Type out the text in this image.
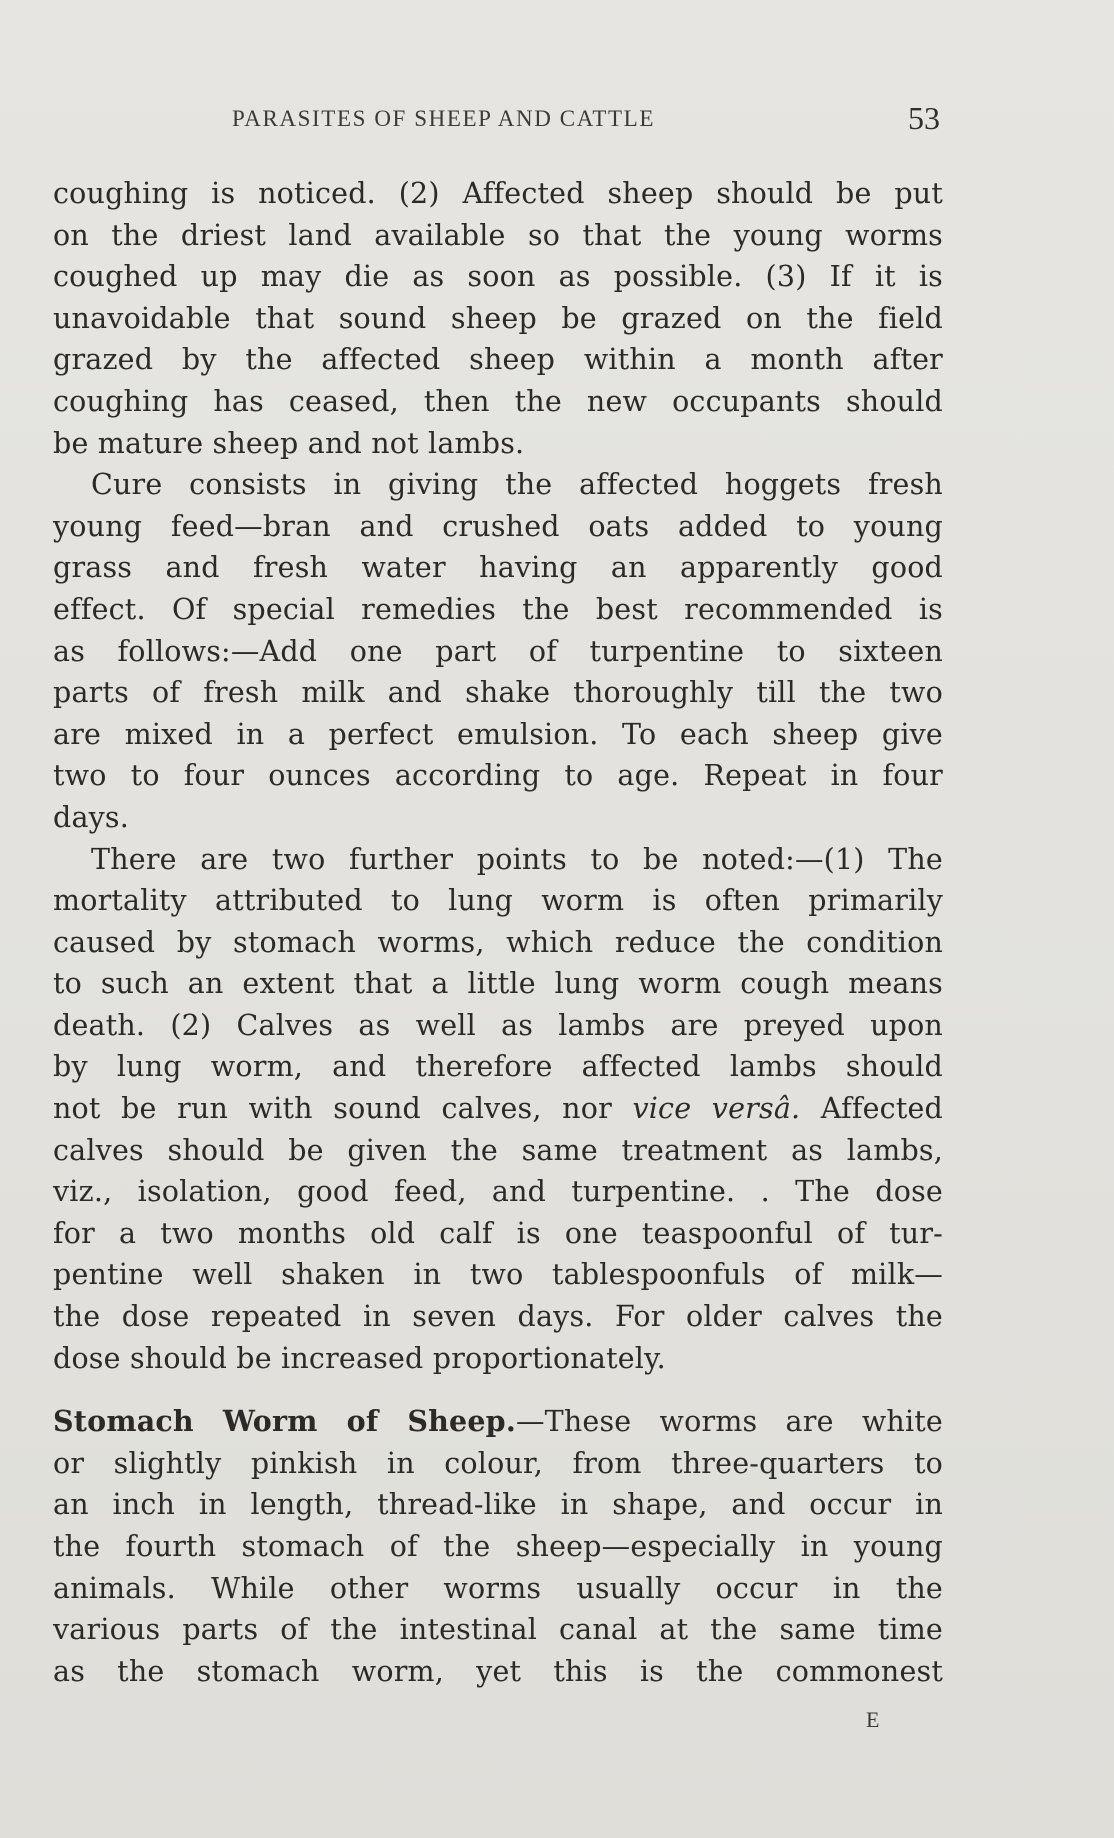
PARASITES OF SHEEP AND CATTLE	53
coughing is noticed. (2) Affected sheep should be put
on the driest land available so that the young worms
coughed up may die as soon as possible. (3) If it is
unavoidable that sound sheep be grazed on the field
grazed by the affected sheep within a month after
coughing has ceased, then the new occupants should
be mature sheep and not lambs.
Cure consists in giving the affected hoggets fresh
young feed—bran and crushed oats added to young
grass and fresh water having an apparently good
effect. Of special remedies the best recommended is
as follows:—Add one part of turpentine to sixteen
parts of fresh milk and shake thoroughly till the two
are mixed in a perfect emulsion. To each sheep give
two to four ounces according to age. Repeat in four
days.
There are two further points to be noted:—(1) The
mortality attributed to lung worm is often primarily
caused by stomach worms, which reduce the condition
to such an extent that a little lung worm cough means
death. (2) Calves as well as lambs are preyed upon
by lung worm, and therefore affected lambs should
not be run with sound calves, nor vice versâ. Affected
calves should be given the same treatment as lambs,
viz., isolation, good feed, and turpentine. . The dose
for a two months old calf is one teaspoonful of tur-
pentine well shaken in two tablespoonfuls of milk—
the dose repeated in seven days. For older calves the
dose should be increased proportionately.
Stomach Worm of Sheep.—These worms are white
or slightly pinkish in colour, from three-quarters to
an inch in length, thread-like in shape, and occur in
the fourth stomach of the sheep—especially in young
animals. While other worms usually occur in the
various parts of the intestinal canal at the same time
as the stomach worm, yet this is the commonest
E
